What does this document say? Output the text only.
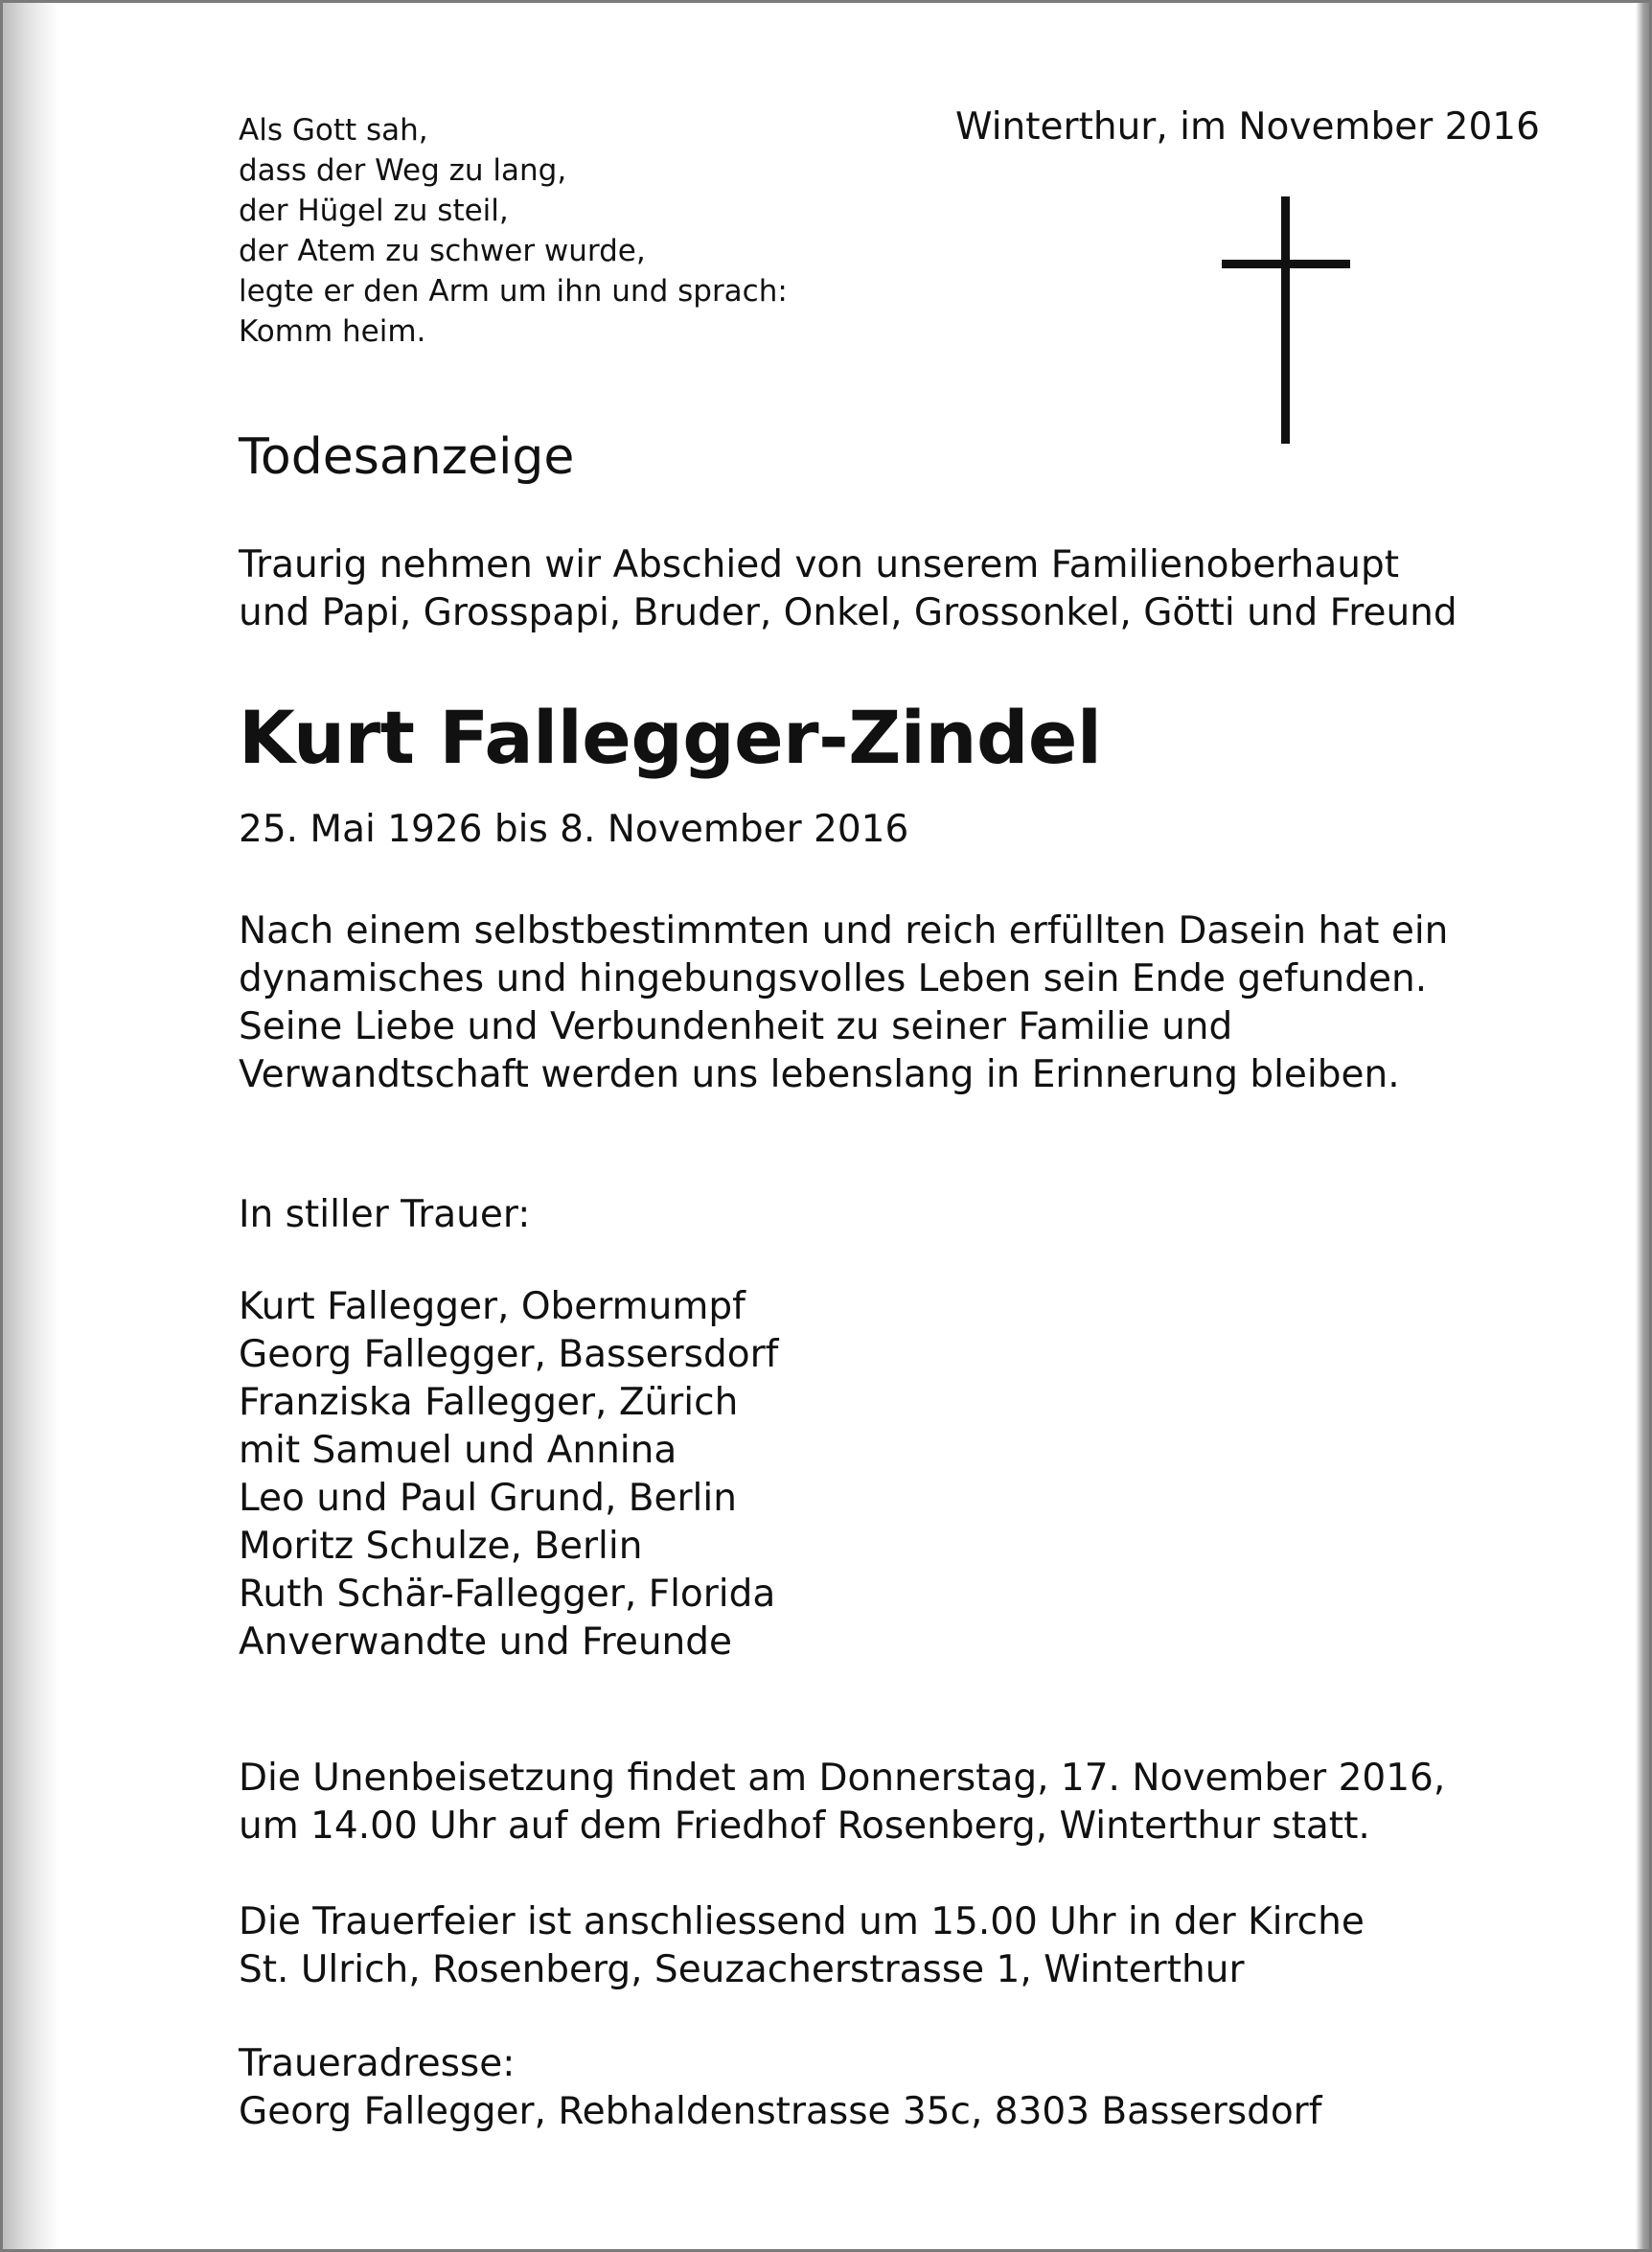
Als Gott sah,
dass der Weg zu lang,
der Hügel zu steil,
der Atem zu schwer wurde,
legte er den Arm um ihn und sprach:
Komm heim.
Winterthur, im November 2016
Todesanzeige
Traurig nehmen wir Abschied von unserem Familienoberhaupt
und Papi, Grosspapi, Bruder, Onkel, Grossonkel, Götti und Freund
Kurt Fallegger-Zindel
25. Mai 1926 bis 8. November 2016
Nach einem selbstbestimmten und reich erfüllten Dasein hat ein
dynamisches und hingebungsvolles Leben sein Ende gefunden.
Seine Liebe und Verbundenheit zu seiner Familie und
Verwandtschaft werden uns lebenslang in Erinnerung bleiben.
In stiller Trauer:
Kurt Fallegger, Obermumpf
Georg Fallegger, Bassersdorf
Franziska Fallegger, Zürich
mit Samuel und Annina
Leo und Paul Grund, Berlin
Moritz Schulze, Berlin
Ruth Schär-Fallegger, Florida
Anverwandte und Freunde
Die Unenbeisetzung findet am Donnerstag, 17. November 2016,
um 14.00 Uhr auf dem Friedhof Rosenberg, Winterthur statt.
Die Trauerfeier ist anschliessend um 15.00 Uhr in der Kirche
St. Ulrich, Rosenberg, Seuzacherstrasse 1, Winterthur
Traueradresse:
Georg Fallegger, Rebhaldenstrasse 35c, 8303 Bassersdorf
